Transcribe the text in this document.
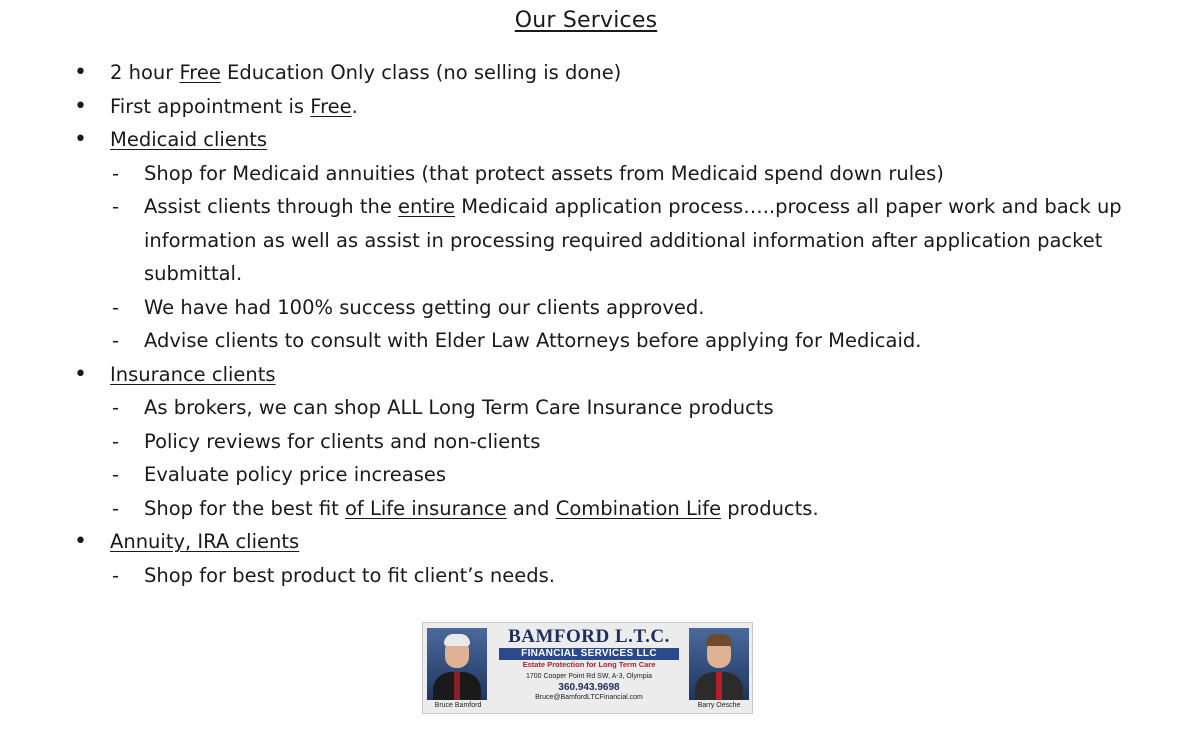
Our Services
• 2 hour Free Education Only class (no selling is done)
• First appointment is Free.
• Medicaid clients
- Shop for Medicaid annuities (that protect assets from Medicaid spend down rules)
- Assist clients through the entire Medicaid application process…..process all paper work and back up information as well as assist in processing required additional information after application packet submittal.
- We have had 100% success getting our clients approved.
- Advise clients to consult with Elder Law Attorneys before applying for Medicaid.
• Insurance clients
- As brokers, we can shop ALL Long Term Care Insurance products
- Policy reviews for clients and non-clients
- Evaluate policy price increases
- Shop for the best fit of Life insurance and Combination Life products.
• Annuity, IRA clients
- Shop for best product to fit client’s needs.
Bruce Bamford
BAMFORD L.T.C.
FINANCIAL SERVICES LLC
Estate Protection for Long Term Care
1700 Cooper Point Rd SW, A-3, Olympia
360.943.9698
Bruce@BamfordLTCFinancial.com
Barry Oesche
